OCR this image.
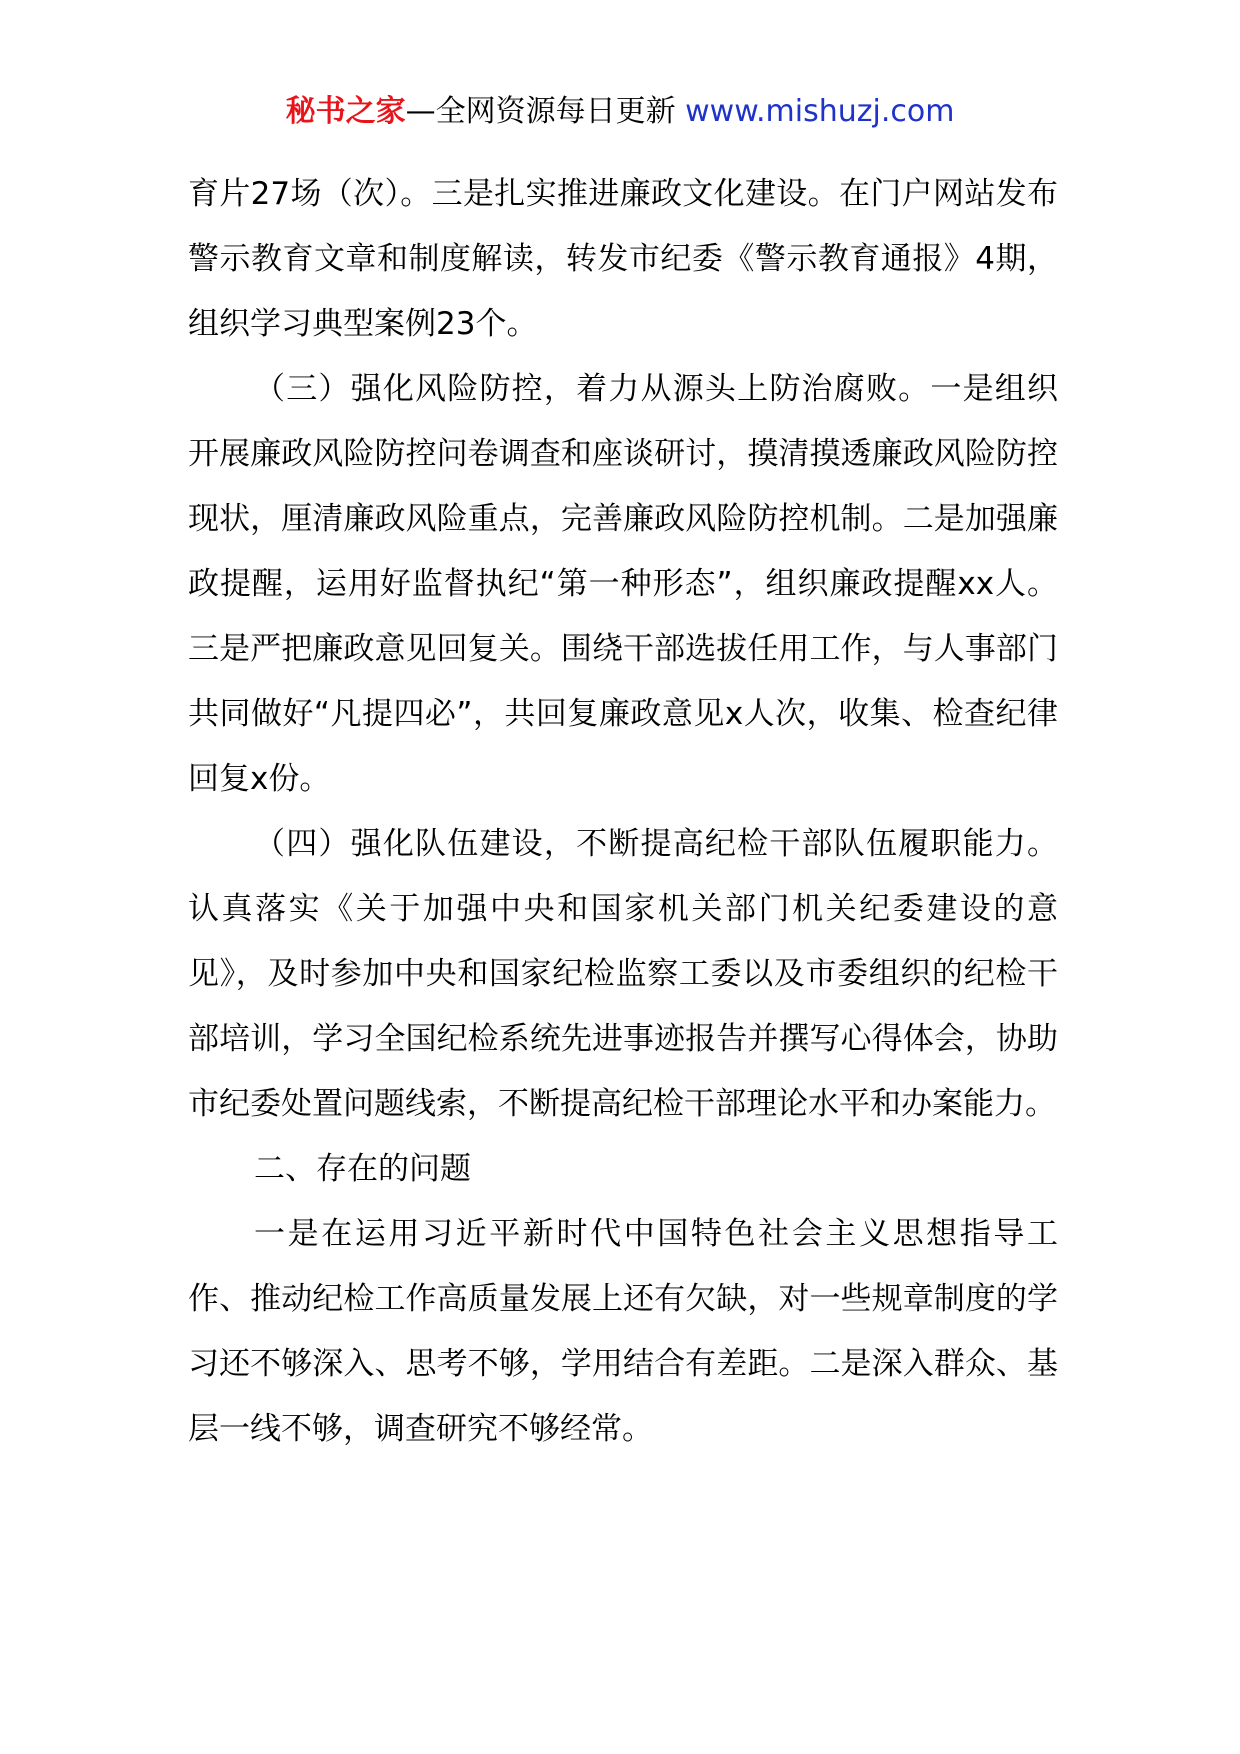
秘书之家—全网资源每日更新 www.mishuzj.com

育片27场（次）。三是扎实推进廉政文化建设。在门户网站发布警示教育文章和制度解读，转发市纪委《警示教育通报》4期，组织学习典型案例23个。

（三）强化风险防控，着力从源头上防治腐败。一是组织开展廉政风险防控问卷调查和座谈研讨，摸清摸透廉政风险防控现状，厘清廉政风险重点，完善廉政风险防控机制。二是加强廉政提醒，运用好监督执纪“第一种形态”，组织廉政提醒xx人。三是严把廉政意见回复关。围绕干部选拔任用工作，与人事部门共同做好“凡提四必”，共回复廉政意见x人次，收集、检查纪律回复x份。

（四）强化队伍建设，不断提高纪检干部队伍履职能力。认真落实《关于加强中央和国家机关部门机关纪委建设的意见》，及时参加中央和国家纪检监察工委以及市委组织的纪检干部培训，学习全国纪检系统先进事迹报告并撰写心得体会，协助市纪委处置问题线索，不断提高纪检干部理论水平和办案能力。

二、存在的问题

一是在运用习近平新时代中国特色社会主义思想指导工作、推动纪检工作高质量发展上还有欠缺，对一些规章制度的学习还不够深入、思考不够，学用结合有差距。二是深入群众、基层一线不够，调查研究不够经常。
